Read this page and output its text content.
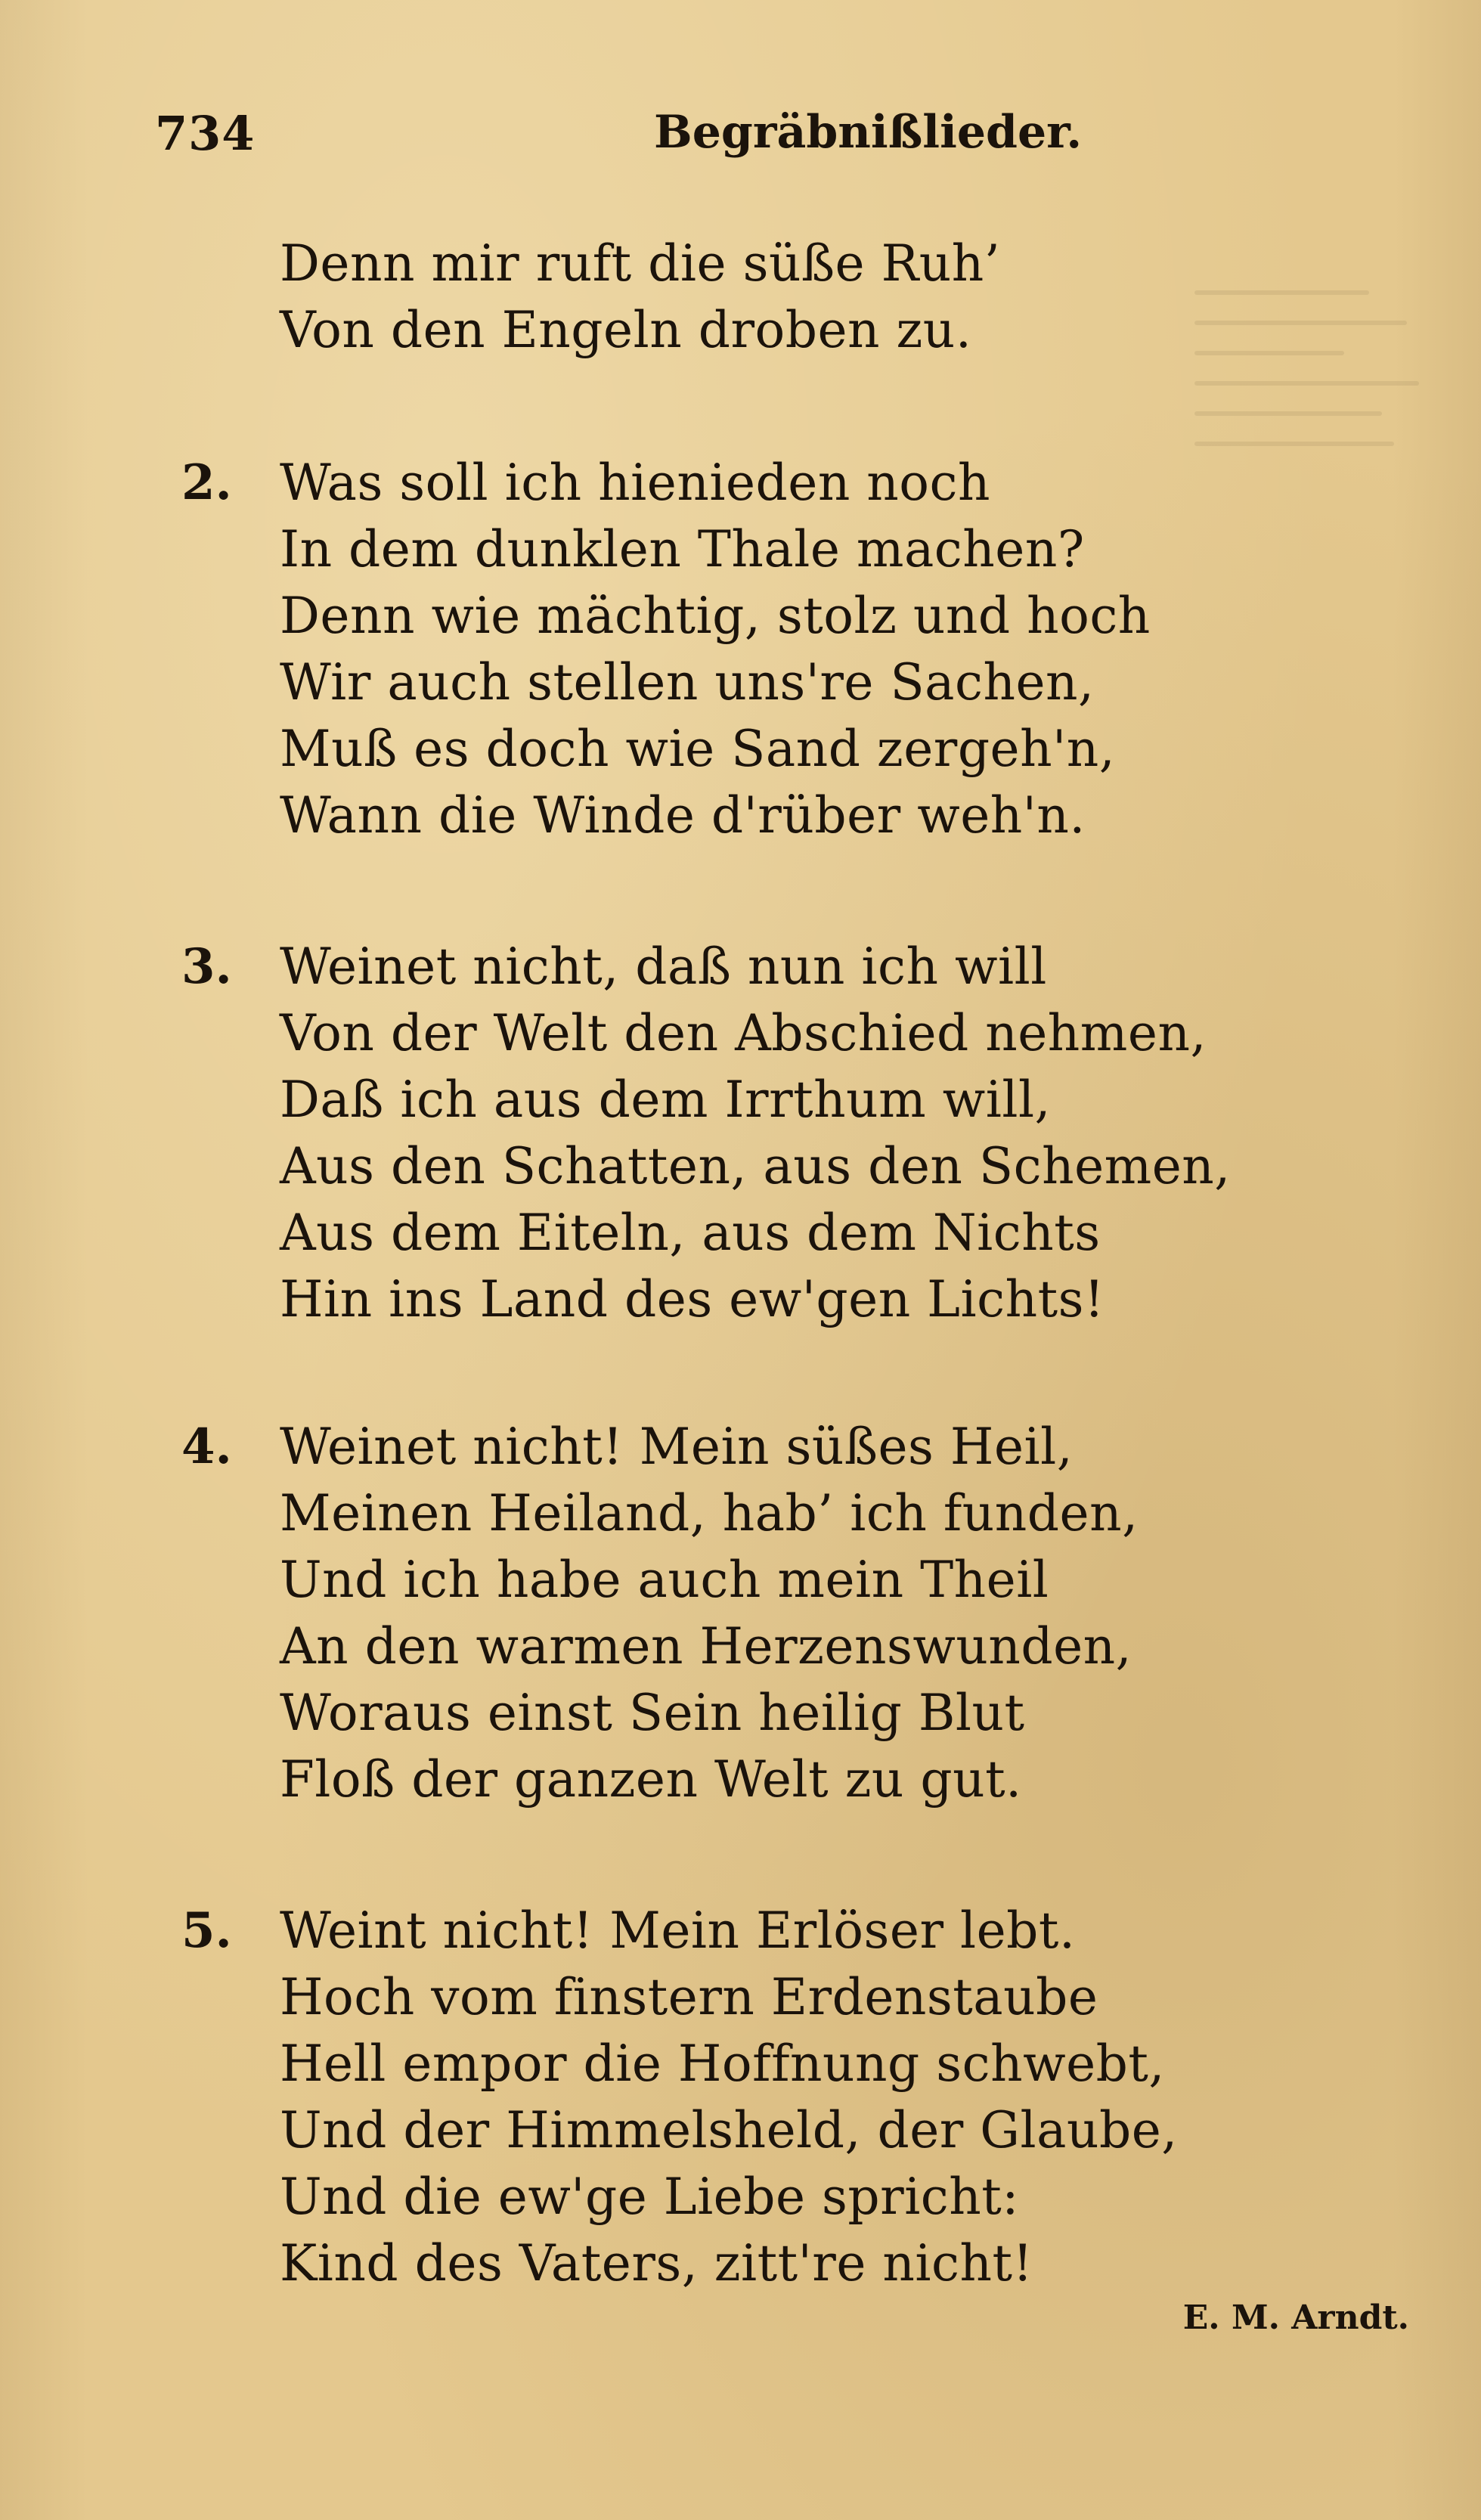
734	Begräbnißlieder.
Denn mir ruft die süße Ruh’
Von den Engeln droben zu.
2. Was soll ich hienieden noch
In dem dunklen Thale machen?
Denn wie mächtig, stolz und hoch
Wir auch stellen uns're Sachen,
Muß es doch wie Sand zergeh'n,
Wann die Winde d'rüber weh'n.
3. Weinet nicht, daß nun ich will
Von der Welt den Abschied nehmen,
Daß ich aus dem Irrthum will,
Aus den Schatten, aus den Schemen,
Aus dem Eiteln, aus dem Nichts
Hin ins Land des ew'gen Lichts!
4. Weinet nicht! Mein süßes Heil,
Meinen Heiland, hab’ ich funden,
Und ich habe auch mein Theil
An den warmen Herzenswunden,
Woraus einst Sein heilig Blut
Floß der ganzen Welt zu gut.
5. Weint nicht! Mein Erlöser lebt.
Hoch vom finstern Erdenstaube
Hell empor die Hoffnung schwebt,
Und der Himmelsheld, der Glaube,
Und die ew'ge Liebe spricht:
Kind des Vaters, zitt're nicht!
E. M. Arndt.
